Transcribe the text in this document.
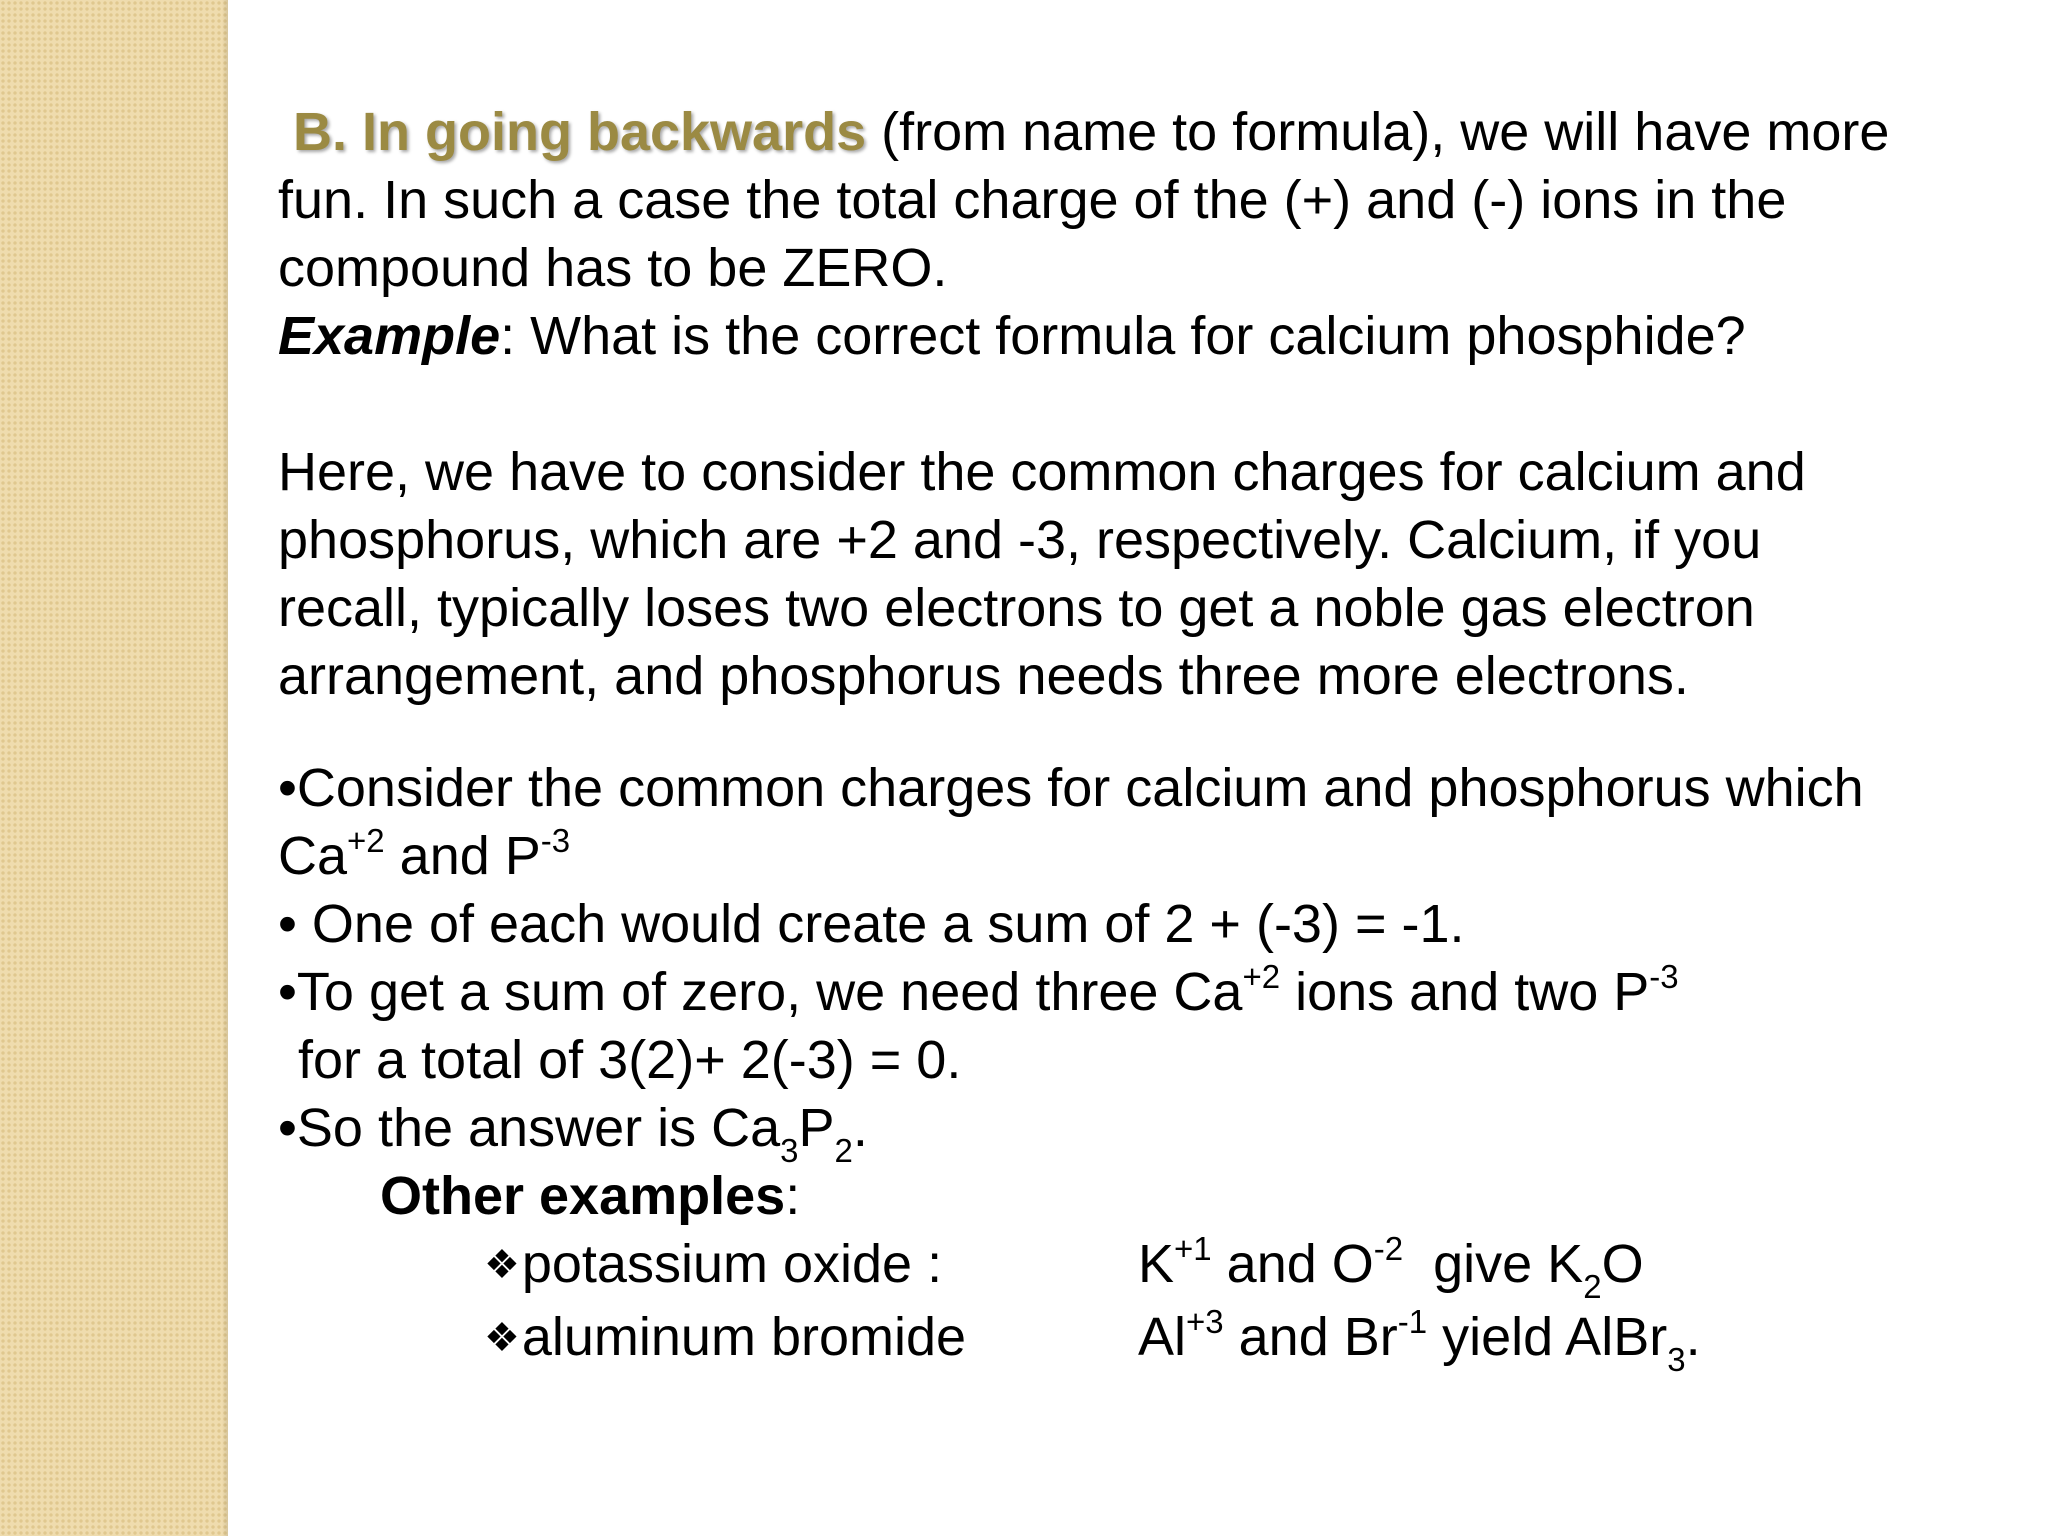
B. In going backwards (from name to formula), we will have more

fun. In such a case the total charge of the (+) and (-) ions in the

compound has to be ZERO.

Example: What is the correct formula for calcium phosphide?

Here, we have to consider the common charges for calcium and

phosphorus, which are +2 and -3, respectively. Calcium, if you

recall, typically loses two electrons to get a noble gas electron

arrangement, and phosphorus needs three more electrons.

•Consider the common charges for calcium and phosphorus which

$Ca^{+2}$ and $P^{-3}$

• One of each would create a sum of 2 + (-3) = -1.

•To get a sum of zero, we need three $Ca^{+2}$ ions and two $P^{-3}$

for a total of 3(2)+ 2(-3) = 0.

•So the answer is $Ca_3P_2$.

Other examples:

❖potassium oxide :	$K^{+1}$ and $O^{-2}$  give $K_2O$

❖aluminum bromide	$Al^{+3}$ and $Br^{-1}$ yield AlBr$_3$.
